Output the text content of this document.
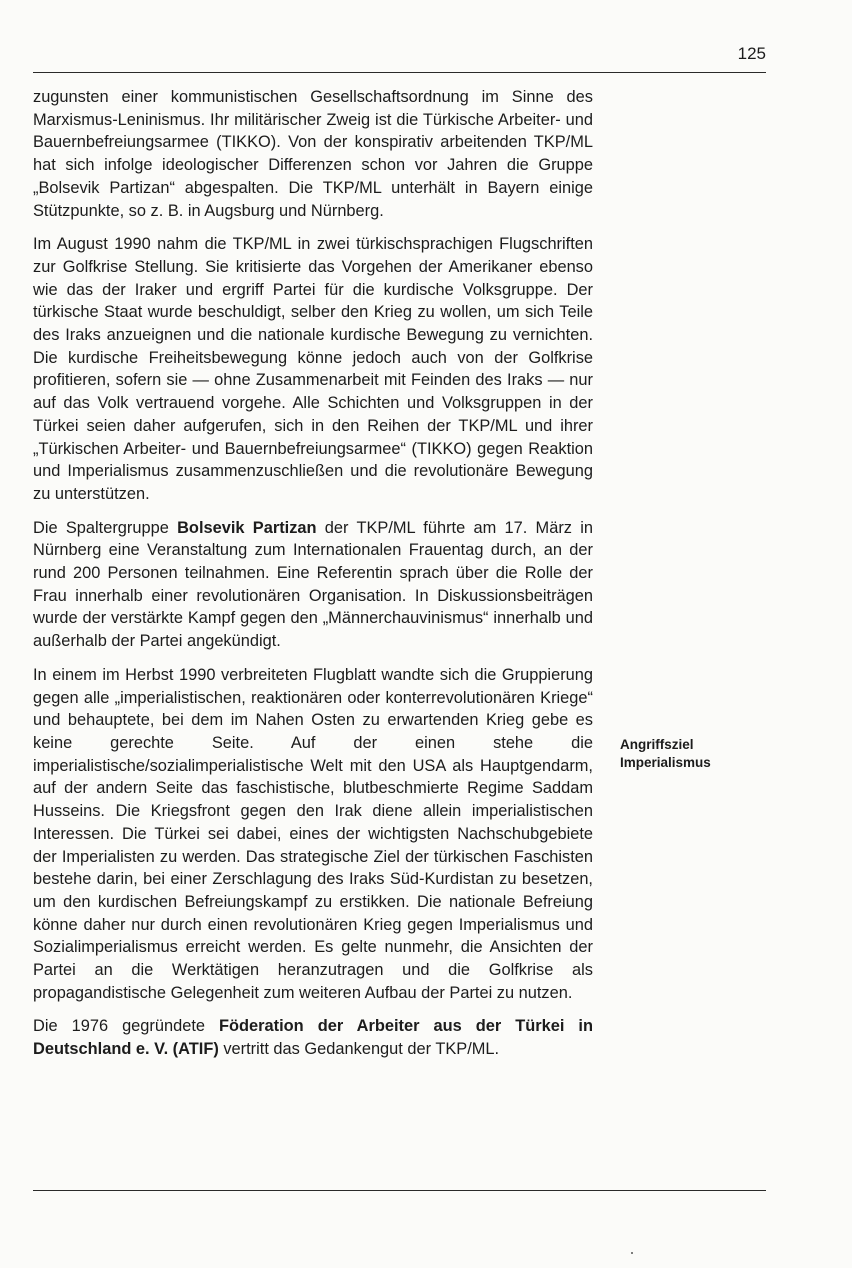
125

zugunsten einer kommunistischen Gesellschaftsordnung im Sinne des Marxismus-Leninismus. Ihr militärischer Zweig ist die Türkische Arbeiter- und Bauernbefreiungsarmee (TIKKO). Von der konspirativ arbeitenden TKP/ML hat sich infolge ideologischer Differenzen schon vor Jahren die Gruppe „Bolsevik Partizan“ abgespalten. Die TKP/ML unterhält in Bayern einige Stützpunkte, so z. B. in Augsburg und Nürnberg.

Im August 1990 nahm die TKP/ML in zwei türkischsprachigen Flugschriften zur Golfkrise Stellung. Sie kritisierte das Vorgehen der Amerikaner ebenso wie das der Iraker und ergriff Partei für die kurdische Volksgruppe. Der türkische Staat wurde beschuldigt, selber den Krieg zu wollen, um sich Teile des Iraks anzueignen und die nationale kurdische Bewegung zu vernichten. Die kurdische Freiheitsbewegung könne jedoch auch von der Golfkrise profitieren, sofern sie — ohne Zusammenarbeit mit Feinden des Iraks — nur auf das Volk vertrauend vorgehe. Alle Schichten und Volksgruppen in der Türkei seien daher aufgerufen, sich in den Reihen der TKP/ML und ihrer „Türkischen Arbeiter- und Bauernbefreiungsarmee“ (TIKKO) gegen Reaktion und Imperialismus zusammenzuschließen und die revolutionäre Bewegung zu unterstützen.

Die Spaltergruppe Bolsevik Partizan der TKP/ML führte am 17. März in Nürnberg eine Veranstaltung zum Internationalen Frauentag durch, an der rund 200 Personen teilnahmen. Eine Referentin sprach über die Rolle der Frau innerhalb einer revolutionären Organisation. In Diskussionsbeiträgen wurde der verstärkte Kampf gegen den „Männerchauvinismus“ innerhalb und außerhalb der Partei angekündigt.

In einem im Herbst 1990 verbreiteten Flugblatt wandte sich die Gruppierung gegen alle „imperialistischen, reaktionären oder konterrevolutionären Kriege“ und behauptete, bei dem im Nahen Osten zu erwartenden Krieg gebe es keine gerechte Seite. Auf der einen stehe die imperialistische/sozialimperialistische Welt mit den USA als Hauptgendarm, auf der andern Seite das faschistische, blutbeschmierte Regime Saddam Husseins. Die Kriegsfront gegen den Irak diene allein imperialistischen Interessen. Die Türkei sei dabei, eines der wichtigsten Nachschubgebiete der Imperialisten zu werden. Das strategische Ziel der türkischen Faschisten bestehe darin, bei einer Zerschlagung des Iraks Süd-Kurdistan zu besetzen, um den kurdischen Befreiungskampf zu erstikken. Die nationale Befreiung könne daher nur durch einen revolutionären Krieg gegen Imperialismus und Sozialimperialismus erreicht werden. Es gelte nunmehr, die Ansichten der Partei an die Werktätigen heranzutragen und die Golfkrise als propagandistische Gelegenheit zum weiteren Aufbau der Partei zu nutzen.

Die 1976 gegründete Föderation der Arbeiter aus der Türkei in Deutschland e. V. (ATIF) vertritt das Gedankengut der TKP/ML.

Angriffsziel
Imperialismus
